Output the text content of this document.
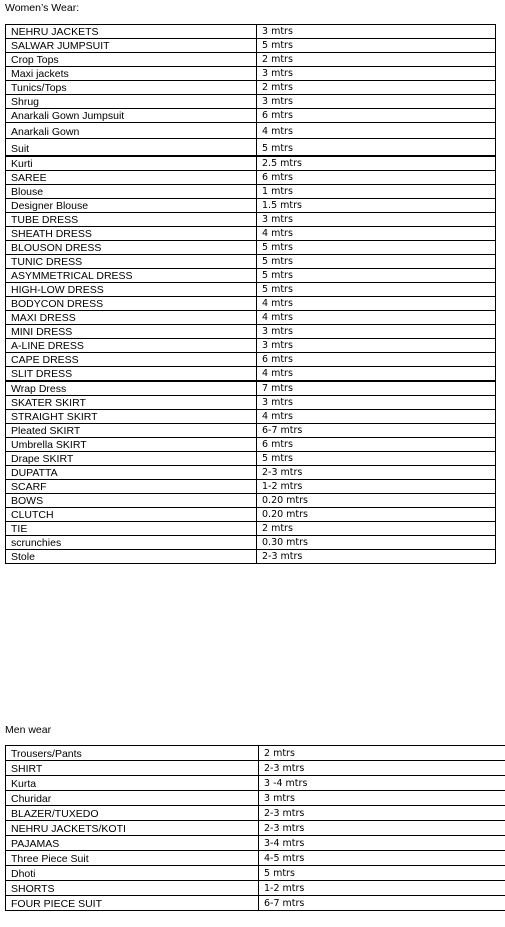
Women’s Wear:
NEHRU JACKETS	3 mtrs
SALWAR JUMPSUIT	5 mtrs
Crop Tops	2 mtrs
Maxi jackets	3 mtrs
Tunics/Tops	2 mtrs
Shrug	3 mtrs
Anarkali Gown Jumpsuit	6 mtrs
Anarkali Gown	4 mtrs
Suit	5 mtrs
Kurti	2.5 mtrs
SAREE	6 mtrs
Blouse	1 mtrs
Designer Blouse	1.5 mtrs
TUBE DRESS	3 mtrs
SHEATH DRESS	4 mtrs
BLOUSON DRESS	5 mtrs
TUNIC DRESS	5 mtrs
ASYMMETRICAL DRESS	5 mtrs
HIGH-LOW DRESS	5 mtrs
BODYCON DRESS	4 mtrs
MAXI DRESS	4 mtrs
MINI DRESS	3 mtrs
A-LINE DRESS	3 mtrs
CAPE DRESS	6 mtrs
SLIT DRESS	4 mtrs
Wrap Dress	7 mtrs
SKATER SKIRT	3 mtrs
STRAIGHT SKIRT	4 mtrs
Pleated SKIRT	6-7 mtrs
Umbrella SKIRT	6 mtrs
Drape SKIRT	5 mtrs
DUPATTA	2-3 mtrs
SCARF	1-2 mtrs
BOWS	0.20 mtrs
CLUTCH	0.20 mtrs
TIE	2 mtrs
scrunchies	0.30 mtrs
Stole	2-3 mtrs
Men wear
Trousers/Pants	2 mtrs
SHIRT	2-3 mtrs
Kurta	3 -4 mtrs
Churidar	3 mtrs
BLAZER/TUXEDO	2-3 mtrs
NEHRU JACKETS/KOTI	2-3 mtrs
PAJAMAS	3-4 mtrs
Three Piece Suit	4-5 mtrs
Dhoti	5 mtrs
SHORTS	1-2 mtrs
FOUR PIECE SUIT	6-7 mtrs
